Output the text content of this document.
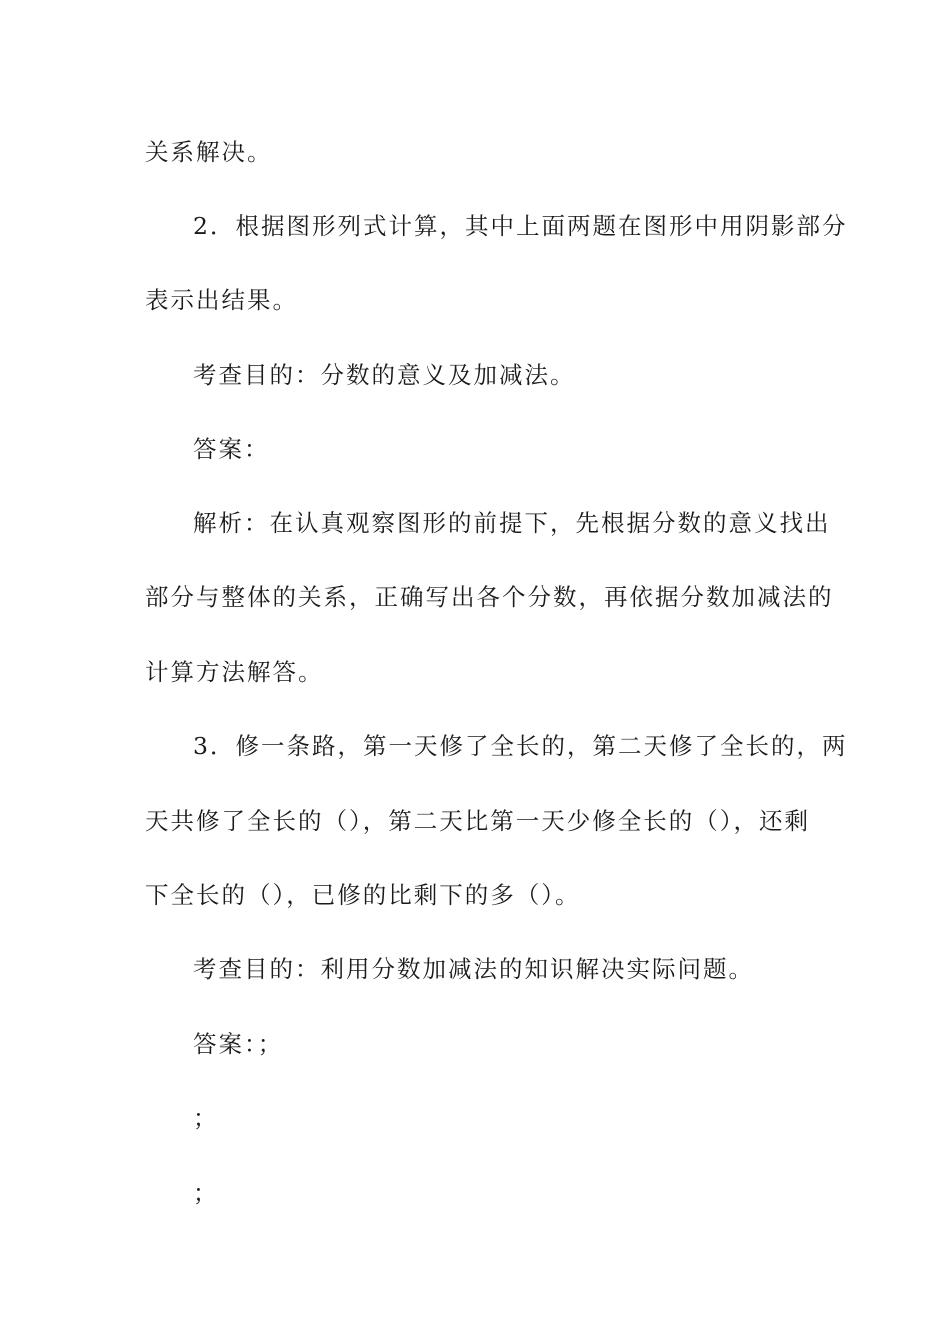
关系解决。
2．根据图形列式计算，其中上面两题在图形中用阴影部分
表示出结果。
考查目的：分数的意义及加减法。
答案：
解析：在认真观察图形的前提下，先根据分数的意义找出
部分与整体的关系，正确写出各个分数，再依据分数加减法的
计算方法解答。
3．修一条路，第一天修了全长的，第二天修了全长的，两
天共修了全长的（），第二天比第一天少修全长的（），还剩
下全长的（），已修的比剩下的多（）。
考查目的：利用分数加减法的知识解决实际问题。
答案：；
；
；
